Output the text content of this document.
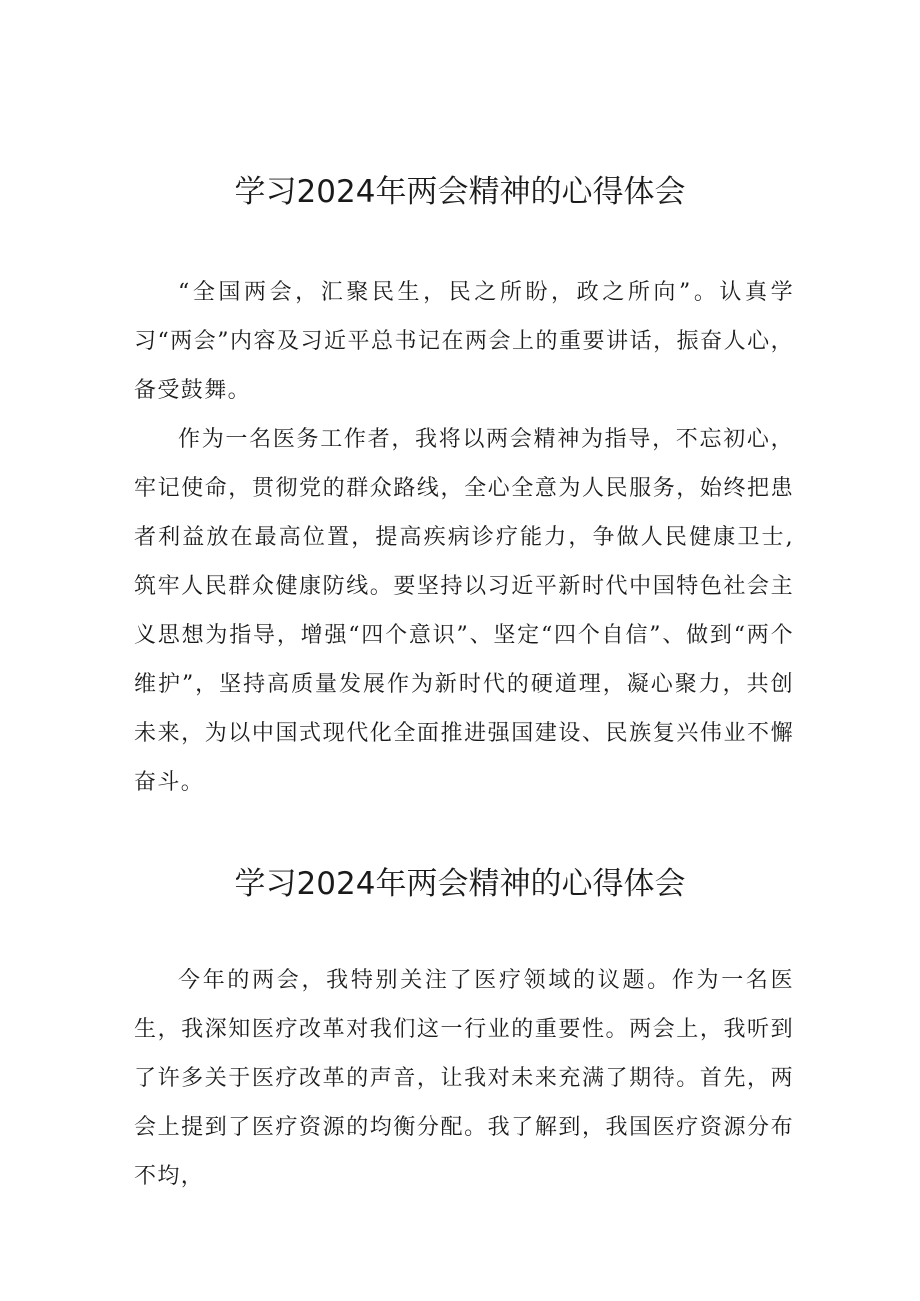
学习2024年两会精神的心得体会

“全国两会，汇聚民生，民之所盼，政之所向”。认真学习“两会”内容及习近平总书记在两会上的重要讲话，振奋人心，备受鼓舞。

作为一名医务工作者，我将以两会精神为指导，不忘初心，牢记使命，贯彻党的群众路线，全心全意为人民服务，始终把患者利益放在最高位置，提高疾病诊疗能力，争做人民健康卫士,筑牢人民群众健康防线。要坚持以习近平新时代中国特色社会主义思想为指导，增强“四个意识”、坚定“四个自信”、做到“两个维护”，坚持高质量发展作为新时代的硬道理，凝心聚力，共创未来，为以中国式现代化全面推进强国建设、民族复兴伟业不懈奋斗。

学习2024年两会精神的心得体会

今年的两会，我特别关注了医疗领域的议题。作为一名医生，我深知医疗改革对我们这一行业的重要性。两会上，我听到了许多关于医疗改革的声音，让我对未来充满了期待。首先，两会上提到了医疗资源的均衡分配。我了解到，我国医疗资源分布不均，
